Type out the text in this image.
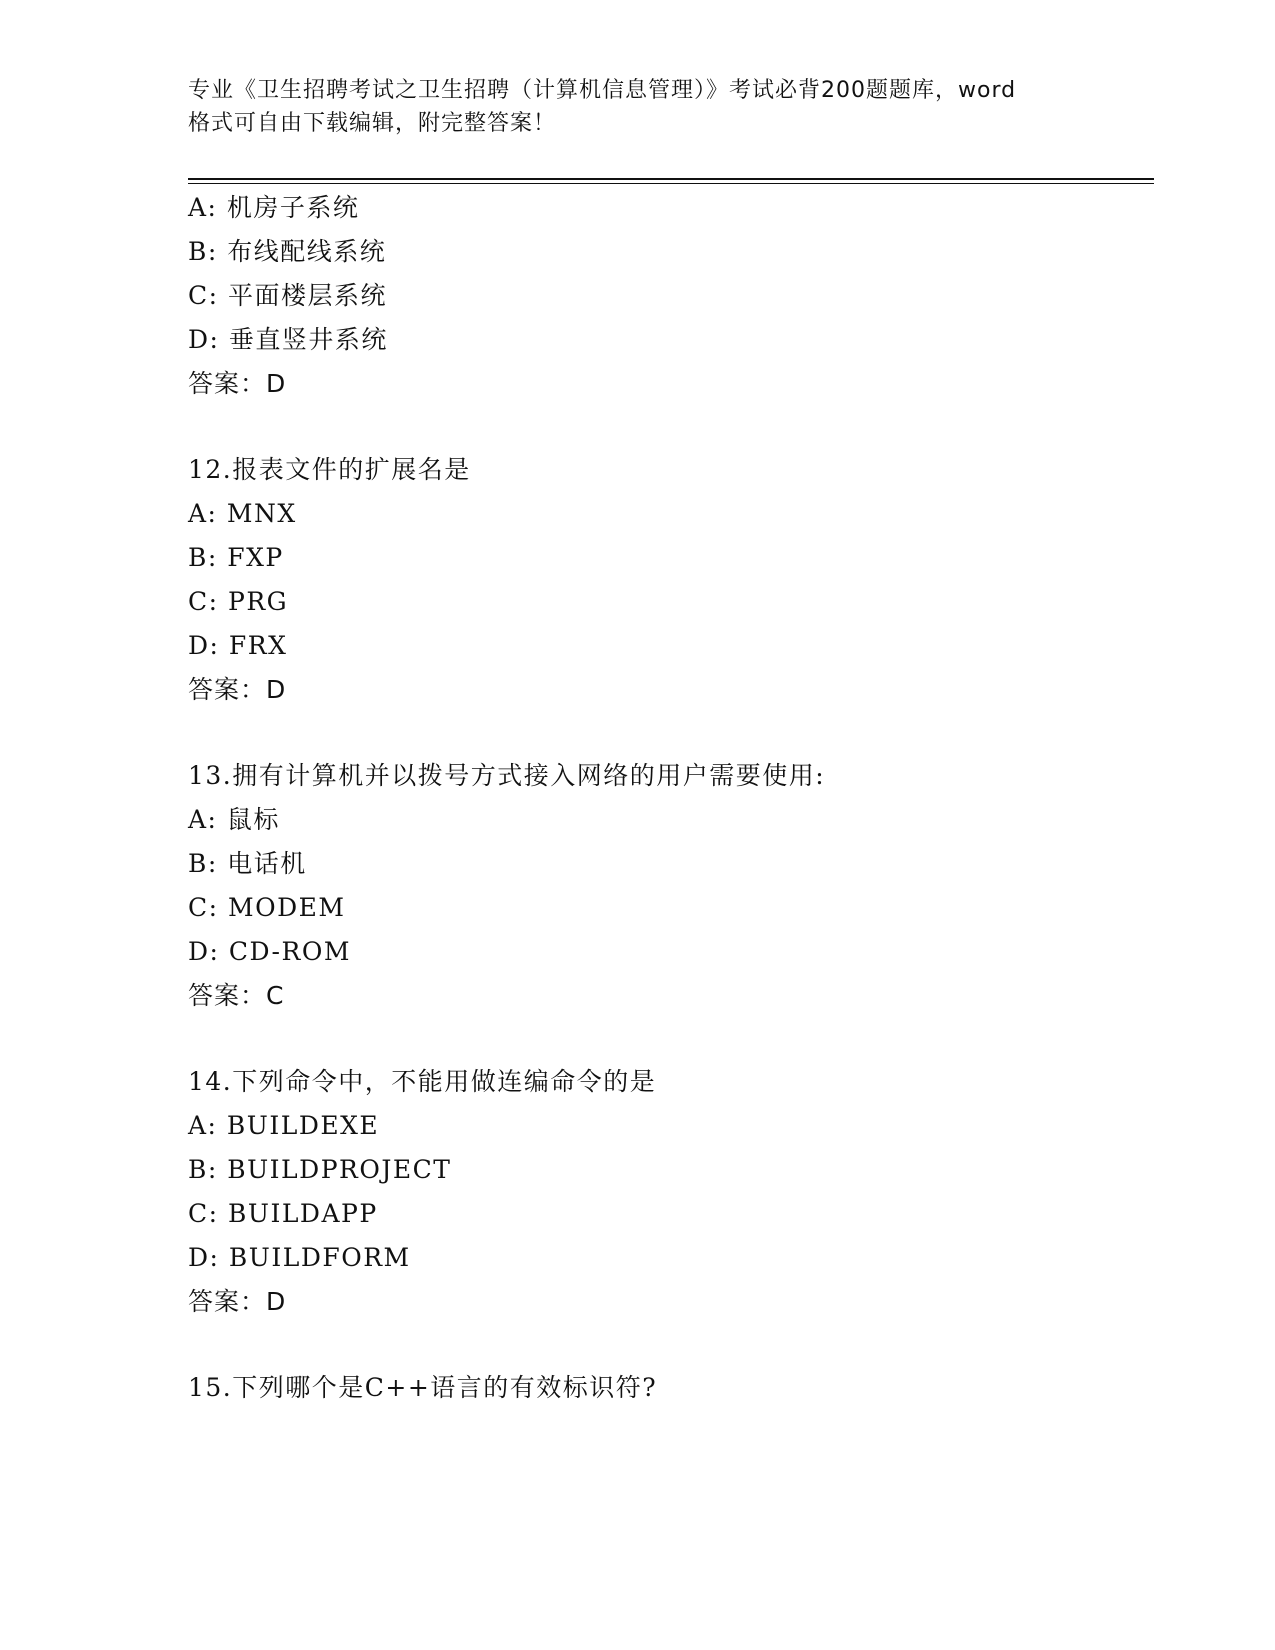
专业《卫生招聘考试之卫生招聘（计算机信息管理）》考试必背200题题库，word
格式可自由下载编辑，附完整答案！
A: 机房子系统
B: 布线配线系统
C: 平面楼层系统
D: 垂直竖井系统
答案：D
12.报表文件的扩展名是
A: MNX
B: FXP
C: PRG
D: FRX
答案：D
13.拥有计算机并以拨号方式接入网络的用户需要使用:
A: 鼠标
B: 电话机
C: MODEM
D: CD-ROM
答案：C
14.下列命令中，不能用做连编命令的是
A: BUILDEXE
B: BUILDPROJECT
C: BUILDAPP
D: BUILDFORM
答案：D
15.下列哪个是C++语言的有效标识符?
